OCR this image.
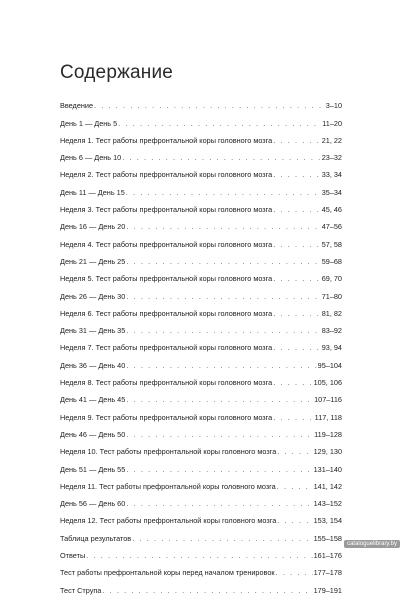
Содержание
Введение . . .	3–10
День 1 — День 5 . . .	11–20
Неделя 1. Тест работы префронтальной коры головного мозга . . .	21, 22
День 6 — День 10 . . .	23–32
Неделя 2. Тест работы префронтальной коры головного мозга . . .	33, 34
День 11 — День 15 . . .	35–34
Неделя 3. Тест работы префронтальной коры головного мозга . . .	45, 46
День 16 — День 20 . . .	47–56
Неделя 4. Тест работы префронтальной коры головного мозга . . .	57, 58
День 21 — День 25 . . .	59–68
Неделя 5. Тест работы префронтальной коры головного мозга . . .	69, 70
День 26 — День 30 . . .	71–80
Неделя 6. Тест работы префронтальной коры головного мозга . . .	81, 82
День 31 — День 35 . . .	83–92
Неделя 7. Тест работы префронтальной коры головного мозга . . .	93, 94
День 36 — День 40 . . .	95–104
Неделя 8. Тест работы префронтальной коры головного мозга . . .	105, 106
День 41 — День 45 . . .	107–116
Неделя 9. Тест работы префронтальной коры головного мозга . . .	117, 118
День 46 — День 50 . . .	119–128
Неделя 10. Тест работы префронтальной коры головного мозга . . .	129, 130
День 51 — День 55 . . .	131–140
Неделя 11. Тест работы префронтальной коры головного мозга . . .	141, 142
День 56 — День 60 . . .	143–152
Неделя 12. Тест работы префронтальной коры головного мозга . . .	153, 154
Таблица результатов . . .	155–158
Ответы . . .	161–176
Тест работы префронтальной коры перед началом тренировок . . .	177–178
Тест Струпа . . .	179–191
cataloguelibrary.by
